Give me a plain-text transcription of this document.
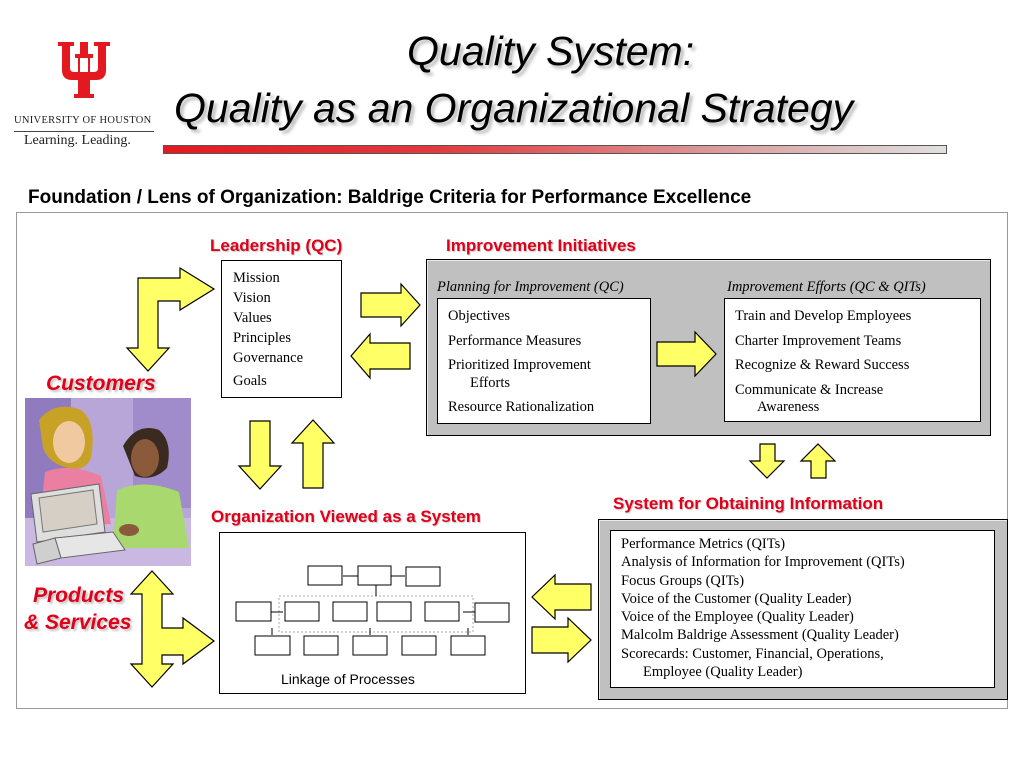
UNIVERSITY OF HOUSTON
Learning. Leading.
Quality System:
Quality as an Organizational Strategy
Foundation / Lens of Organization: Baldrige Criteria for Performance Excellence
Leadership (QC)	Improvement Initiatives
Customers
Products
& Services
Organization Viewed as a System
System for Obtaining Information
Mission
Vision
Values
Principles
Governance
Goals
Planning for Improvement (QC)	Improvement Efforts (QC & QITs)
Objectives
Performance Measures
Prioritized Improvement
Efforts
Resource Rationalization
Train and Develop Employees
Charter Improvement Teams
Recognize & Reward Success
Communicate & Increase
Awareness
Linkage of Processes
Performance Metrics (QITs)
Analysis of Information for Improvement (QITs)
Focus Groups (QITs)
Voice of the Customer (Quality Leader)
Voice of the Employee (Quality Leader)
Malcolm Baldrige Assessment (Quality Leader)
Scorecards: Customer, Financial, Operations,
Employee (Quality Leader)
